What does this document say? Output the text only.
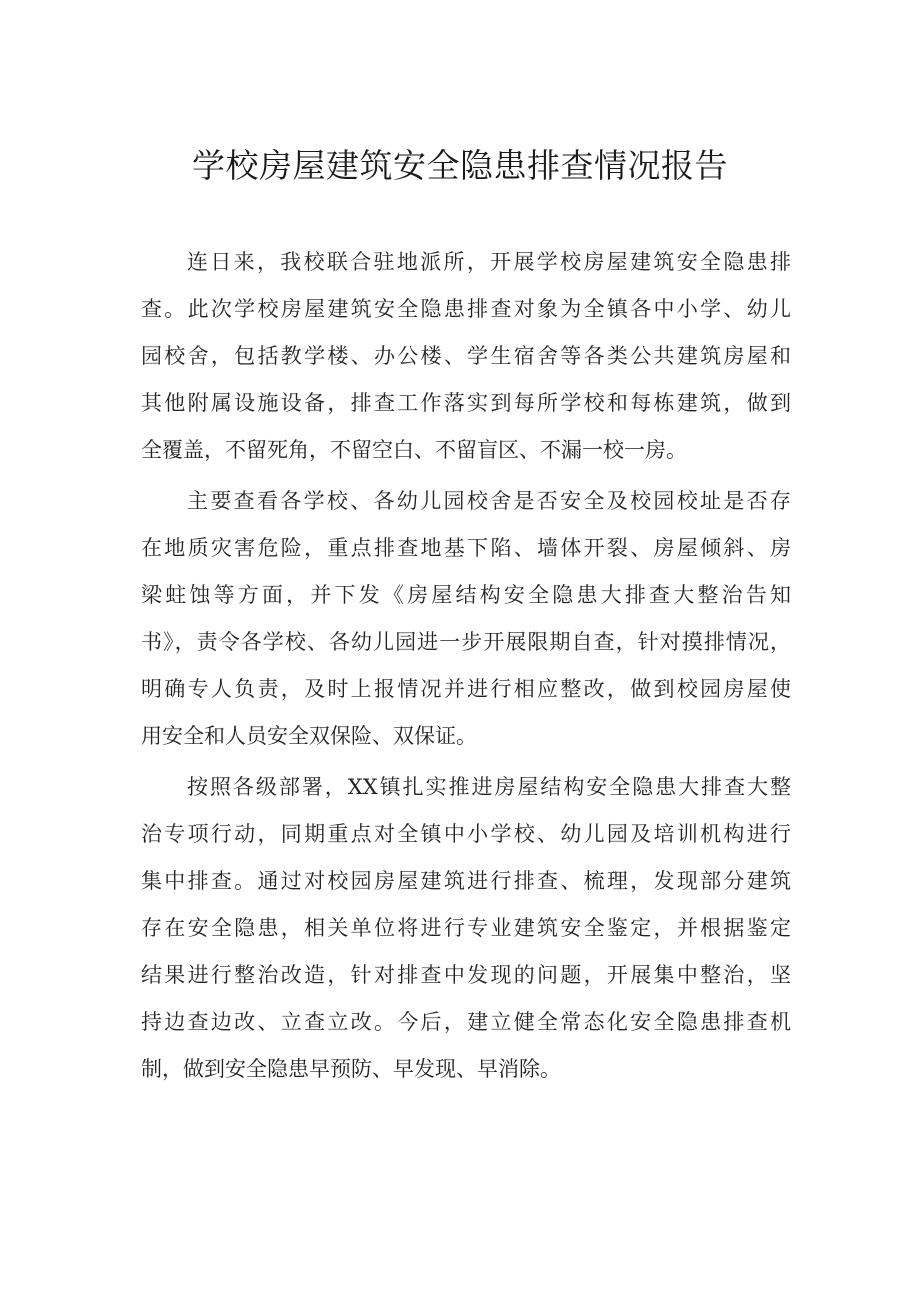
学校房屋建筑安全隐患排查情况报告
连日来，我校联合驻地派所，开展学校房屋建筑安全隐患排
查。此次学校房屋建筑安全隐患排查对象为全镇各中小学、幼儿
园校舍，包括教学楼、办公楼、学生宿舍等各类公共建筑房屋和
其他附属设施设备，排查工作落实到每所学校和每栋建筑，做到
全覆盖，不留死角，不留空白、不留盲区、不漏一校一房。
主要查看各学校、各幼儿园校舍是否安全及校园校址是否存
在地质灾害危险，重点排查地基下陷、墙体开裂、房屋倾斜、房
梁蛀蚀等方面，并下发《房屋结构安全隐患大排查大整治告知
书》，责令各学校、各幼儿园进一步开展限期自查，针对摸排情况，
明确专人负责，及时上报情况并进行相应整改，做到校园房屋使
用安全和人员安全双保险、双保证。
按照各级部署，XX镇扎实推进房屋结构安全隐患大排查大整
治专项行动，同期重点对全镇中小学校、幼儿园及培训机构进行
集中排查。通过对校园房屋建筑进行排查、梳理，发现部分建筑
存在安全隐患，相关单位将进行专业建筑安全鉴定，并根据鉴定
结果进行整治改造，针对排查中发现的问题，开展集中整治，坚
持边查边改、立查立改。今后，建立健全常态化安全隐患排查机
制，做到安全隐患早预防、早发现、早消除。
